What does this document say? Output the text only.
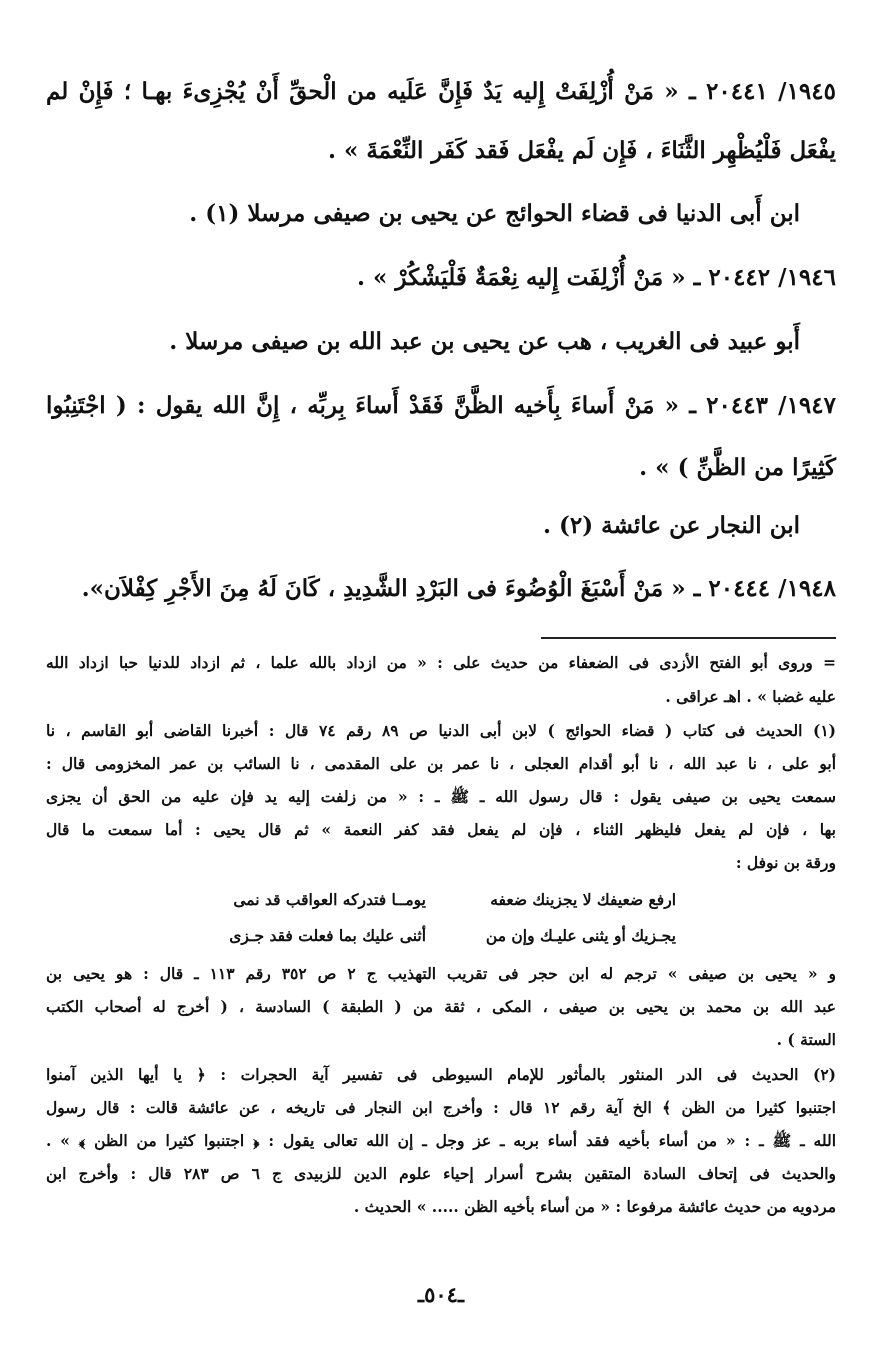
١٩٤٥/ ٢٠٤٤١ ـ « مَنْ أُزْلِفَتْ إِليه يَدٌ فَإِنَّ عَلَيه من الْحقِّ أَنْ يُجْزِىءَ بهـا ؛ فَإِنْ لم
يفْعَل فَلْيُظْهِر الثَّنَاءَ ، فَإِن لَم يفْعَل فَقد كَفَر النِّعْمَةَ » .
ابن أَبى الدنيا فى قضاء الحوائج عن يحيى بن صيفى مرسلا (١) .
١٩٤٦/ ٢٠٤٤٢ ـ « مَنْ أُزْلِفَت إِليه نِعْمَةٌ فَلْيَشْكُرْ » .
أَبو عبيد فى الغريب ، هب عن يحيى بن عبد الله بن صيفى مرسلا .
١٩٤٧/ ٢٠٤٤٣ ـ « مَنْ أَساءَ بِأَخيه الظَّنَّ فَقَدْ أَساءَ بِربِّه ، إِنَّ الله يقول : ( اجْتَنِبُوا
كَثِيرًا من الظَّنِّ ) » .
ابن النجار عن عائشة (٢) .
١٩٤٨/ ٢٠٤٤٤ ـ « مَنْ أَسْبَغَ الْوُضُوءَ فى البَرْدِ الشَّدِيدِ ، كَانَ لَهُ مِنَ الأَجْرِ كِفْلاَن».
= وروى أبو الفتح الأزدى فى الضعفاء من حديث على : « من ازداد بالله علما ، ثم ازداد للدنيا حبا ازداد الله
عليه غضبا » . اهـ عراقى .
(١) الحديث فى كتاب ( قضاء الحوائج ) لابن أبى الدنيا ص ٨٩ رقم ٧٤ قال : أخبرنا القاضى أبو القاسم ، نا
أبو على ، نا عبد الله ، نا أبو أقدام العجلى ، نا عمر بن على المقدمى ، نا السائب بن عمر المخزومى قال :
سمعت يحيى بن صيفى يقول : قال رسول الله ـ ﷺ ـ : « من زلفت إليه يد فإن عليه من الحق أن يجزى
بها ، فإن لم يفعل فليظهر الثناء ، فإن لم يفعل فقد كفر النعمة » ثم قال يحيى : أما سمعت ما قال
ورقة بن نوفل :
ارفع ضعيفك لا يجزينك ضعفه
يومــا فتدركه العواقب قد نمى
يجـزيك أو يثنى عليـك وإن من
أثنى عليك بما فعلت فقد جـزى
و « يحيى بن صيفى » ترجم له ابن حجر فى تقريب التهذيب ج ٢ ص ٣٥٢ رقم ١١٣ ـ قال : هو يحيى بن
عبد الله بن محمد بن يحيى بن صيفى ، المكى ، ثقة من ( الطبقة ) السادسة ، ( أخرج له أصحاب الكتب
الستة ) .
(٢) الحديث فى الدر المنثور بالمأثور للإمام السيوطى فى تفسير آية الحجرات : ﴿ يا أيها الذين آمنوا
اجتنبوا كثيرا من الظن ﴾ الخ آية رقم ١٢ قال : وأخرج ابن النجار فى تاريخه ، عن عائشة قالت : قال رسول
الله ـ ﷺ ـ : « من أساء بأخيه فقد أساء بربه ـ عز وجل ـ إن الله تعالى يقول : ﴿ اجتنبوا كثيرا من الظن ﴾ » .
والحديث فى إتحاف السادة المتقين بشرح أسرار إحياء علوم الدين للزبيدى ج ٦ ص ٢٨٣ قال : وأخرج ابن
مردويه من حديث عائشة مرفوعا : « من أساء بأخيه الظن ..... » الحديث .
ـ٥٠٤ـ
